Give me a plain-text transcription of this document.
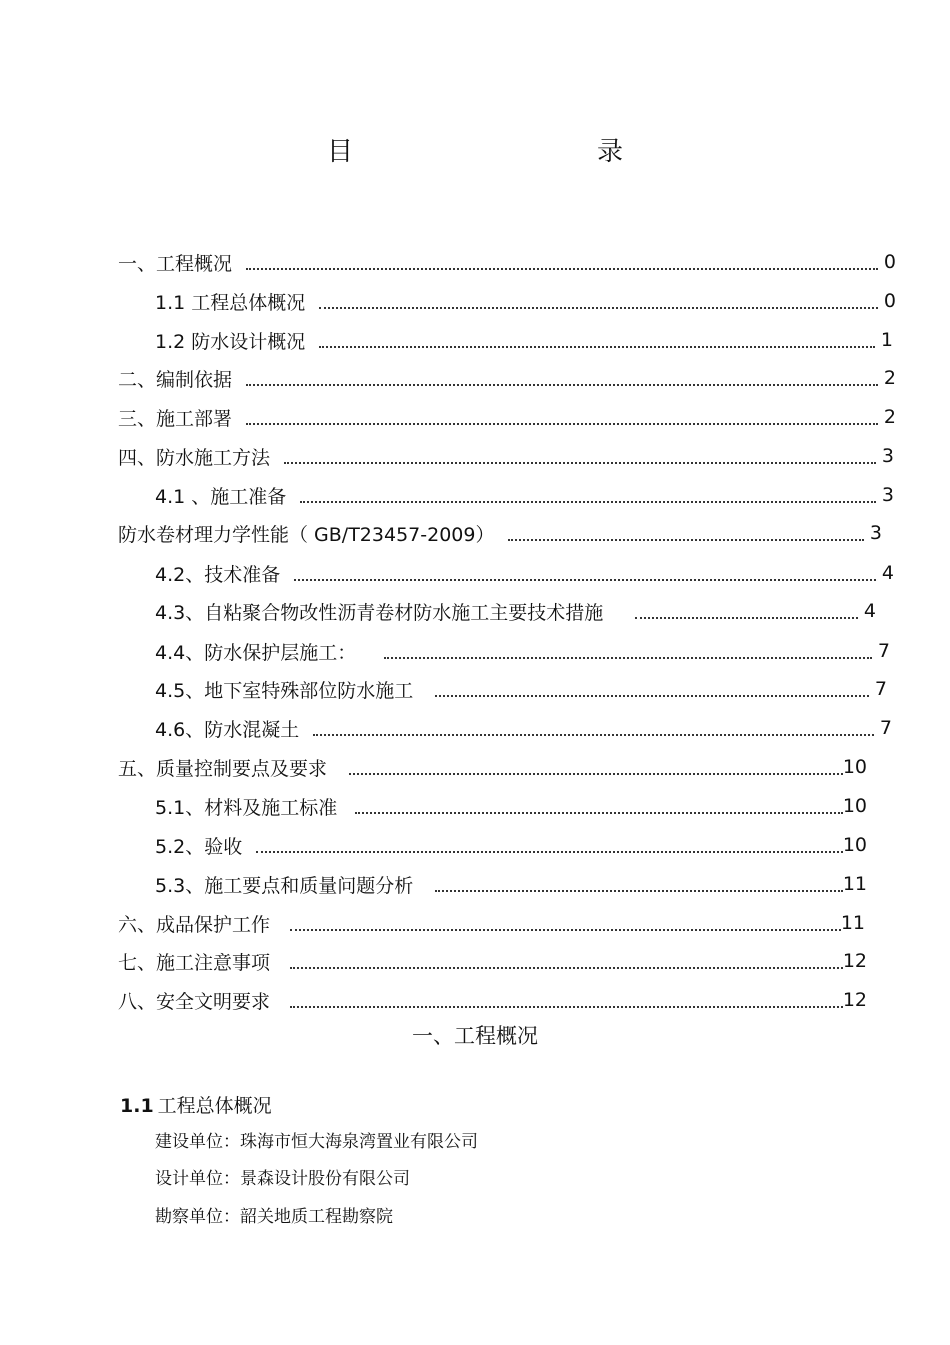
目　　录
一、工程概况	0
1.1 工程总体概况	0
1.2 防水设计概况	1
二、编制依据	2
三、施工部署	2
四、防水施工方法	3
4.1 、施工准备	3
防水卷材理力学性能（ GB/T23457-2009）	3
4.2、技术准备	4
4.3、自粘聚合物改性沥青卷材防水施工主要技术措施	4
4.4、防水保护层施工：	7
4.5、地下室特殊部位防水施工	7
4.6、防水混凝土	7
五、质量控制要点及要求	10
5.1、材料及施工标准	10
5.2、验收	10
5.3、施工要点和质量问题分析	11
六、成品保护工作	11
七、施工注意事项	12
八、安全文明要求	12
一、工程概况
1.1 工程总体概况
建设单位：珠海市恒大海泉湾置业有限公司
设计单位：景森设计股份有限公司
勘察单位：韶关地质工程勘察院
